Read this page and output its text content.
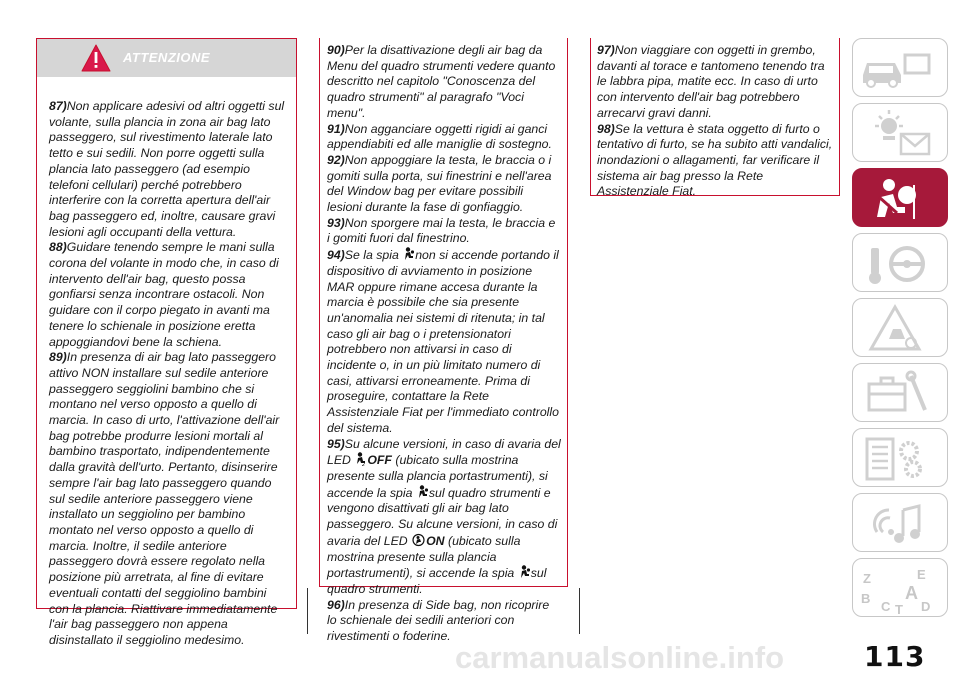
ATTENZIONE

87)Non applicare adesivi od altri oggetti sul volante, sulla plancia in zona air bag lato passeggero, sul rivestimento laterale lato tetto e sui sedili. Non porre oggetti sulla plancia lato passeggero (ad esempio telefoni cellulari) perché potrebbero interferire con la corretta apertura dell'air bag passeggero ed, inoltre, causare gravi lesioni agli occupanti della vettura.

88)Guidare tenendo sempre le mani sulla corona del volante in modo che, in caso di intervento dell'air bag, questo possa gonfiarsi senza incontrare ostacoli. Non guidare con il corpo piegato in avanti ma tenere lo schienale in posizione eretta appoggiandovi bene la schiena.

89)In presenza di air bag lato passeggero attivo NON installare sul sedile anteriore passeggero seggiolini bambino che si montano nel verso opposto a quello di marcia. In caso di urto, l'attivazione dell'air bag potrebbe produrre lesioni mortali al bambino trasportato, indipendentemente dalla gravità dell'urto. Pertanto, disinserire sempre l'air bag lato passeggero quando sul sedile anteriore passeggero viene installato un seggiolino per bambino montato nel verso opposto a quello di marcia. Inoltre, il sedile anteriore passeggero dovrà essere regolato nella posizione più arretrata, al fine di evitare eventuali contatti del seggiolino bambini con la plancia. Riattivare immediatamente l'air bag passeggero non appena disinstallato il seggiolino medesimo.

90)Per la disattivazione degli air bag da Menu del quadro strumenti vedere quanto descritto nel capitolo "Conoscenza del quadro strumenti" al paragrafo "Voci menu".

91)Non agganciare oggetti rigidi ai ganci appendiabiti ed alle maniglie di sostegno.

92)Non appoggiare la testa, le braccia o i gomiti sulla porta, sui finestrini e nell'area del Window bag per evitare possibili lesioni durante la fase di gonfiaggio.

93)Non sporgere mai la testa, le braccia e i gomiti fuori dal finestrino.

94)Se la spia non si accende portando il dispositivo di avviamento in posizione MAR oppure rimane accesa durante la marcia è possibile che sia presente un'anomalia nei sistemi di ritenuta; in tal caso gli air bag o i pretensionatori potrebbero non attivarsi in caso di incidente o, in un più limitato numero di casi, attivarsi erroneamente. Prima di proseguire, contattare la Rete Assistenziale Fiat per l'immediato controllo del sistema.

95)Su alcune versioni, in caso di avaria del LED 2 OFF (ubicato sulla mostrina presente sulla plancia portastrumenti), si accende la spia sul quadro strumenti e vengono disattivati gli air bag lato passeggero. Su alcune versioni, in caso di avaria del LED ON (ubicato sulla mostrina presente sulla plancia portastrumenti), si accende la spia sul quadro strumenti.

96)In presenza di Side bag, non ricoprire lo schienale dei sedili anteriori con rivestimenti o foderine.

97)Non viaggiare con oggetti in grembo, davanti al torace e tantomeno tenendo tra le labbra pipa, matite ecc. In caso di urto con intervento dell'air bag potrebbero arrecarvi gravi danni.

98)Se la vettura è stata oggetto di furto o tentativo di furto, se ha subito atti vandalici, inondazioni o allagamenti, far verificare il sistema air bag presso la Rete Assistenziale Fiat.

Z	E
B A
C T D
carmanualsonline.info	113
